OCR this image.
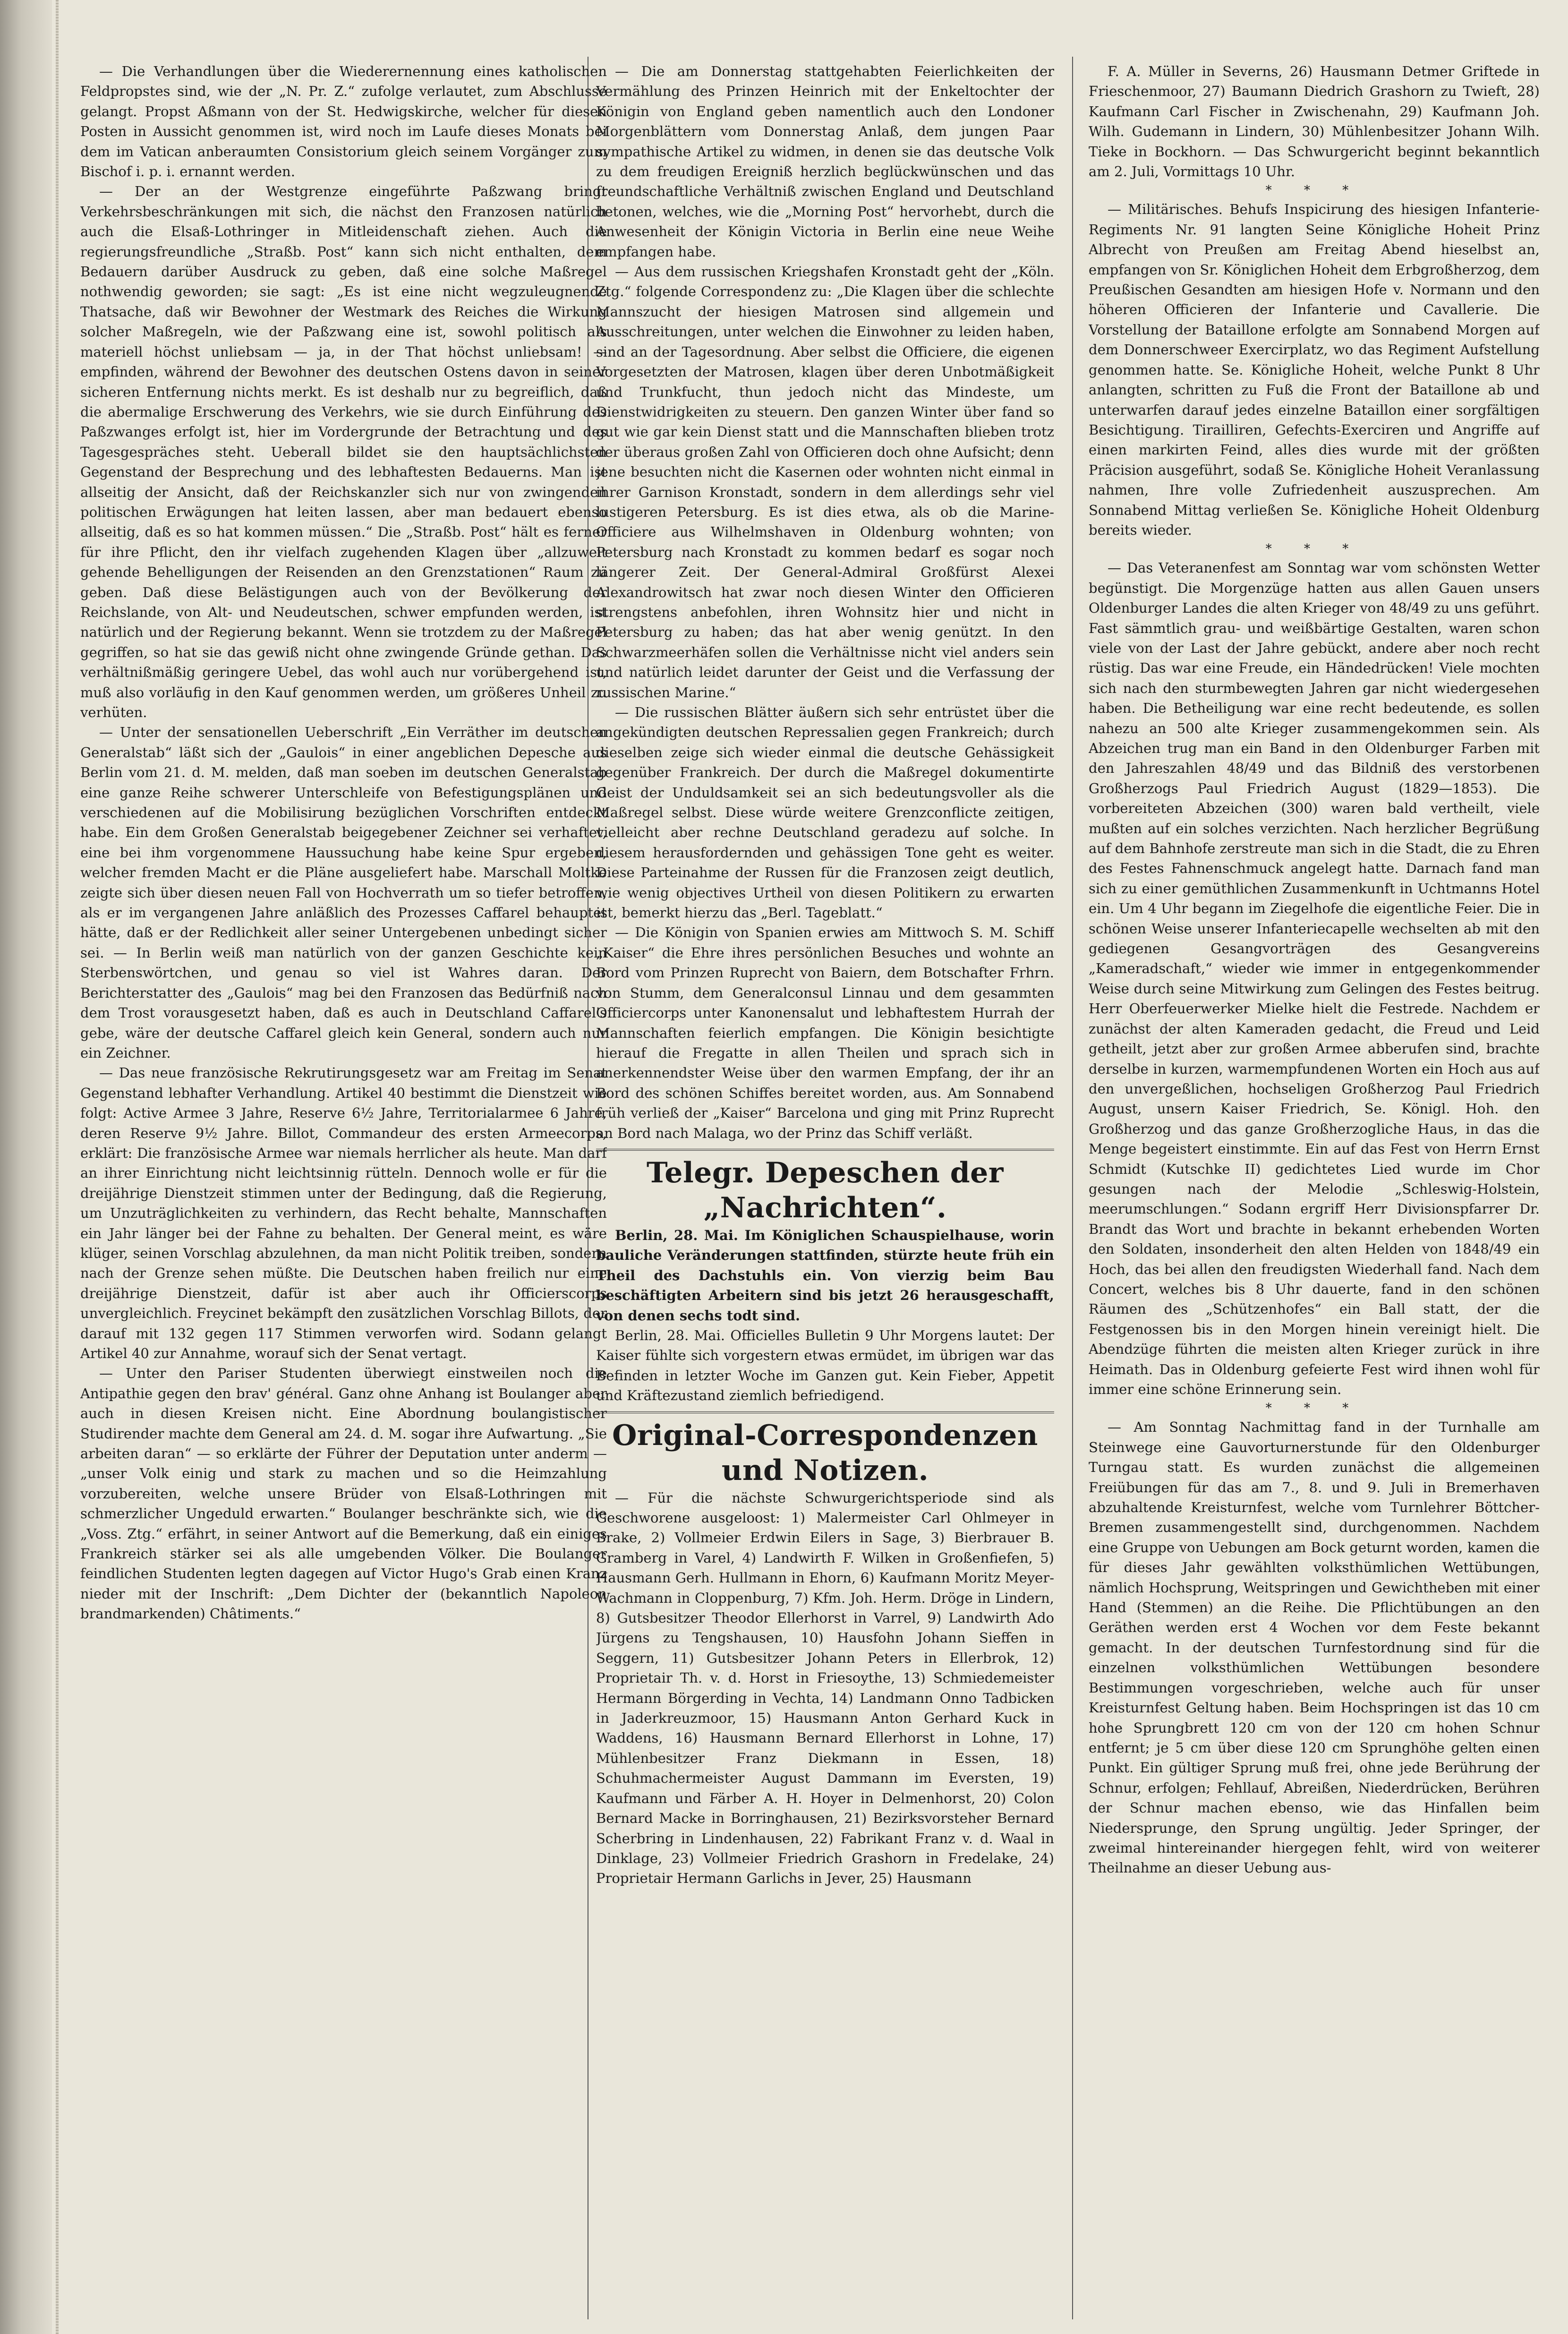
— Die Verhandlungen über die Wiederernennung eines katholischen Feldpropstes sind, wie der „N. Pr. Z.“ zufolge verlautet, zum Abschlusse gelangt. Propst Aßmann von der St. Hedwigskirche, welcher für diesen Posten in Aussicht genommen ist, wird noch im Laufe dieses Monats bei dem im Vatican anberaumten Consistorium gleich seinem Vorgänger zum Bischof i. p. i. ernannt werden.

— Der an der Westgrenze eingeführte Paßzwang bringt Verkehrsbeschränkungen mit sich, die nächst den Franzosen natürlich auch die Elsaß-Lothringer in Mitleidenschaft ziehen. Auch die regierungsfreundliche „Straßb. Post“ kann sich nicht enthalten, dem Bedauern darüber Ausdruck zu geben, daß eine solche Maßregel nothwendig geworden; sie sagt: „Es ist eine nicht wegzuleugnende Thatsache, daß wir Bewohner der Westmark des Reiches die Wirkung solcher Maßregeln, wie der Paßzwang eine ist, sowohl politisch als materiell höchst unliebsam — ja, in der That höchst unliebsam! — empfinden, während der Bewohner des deutschen Ostens davon in seiner sicheren Entfernung nichts merkt. Es ist deshalb nur zu begreiflich, daß die abermalige Erschwerung des Verkehrs, wie sie durch Einführung des Paßzwanges erfolgt ist, hier im Vordergrunde der Betrachtung und des Tagesgespräches steht. Ueberall bildet sie den hauptsächlichsten Gegenstand der Besprechung und des lebhaftesten Bedauerns. Man ist allseitig der Ansicht, daß der Reichskanzler sich nur von zwingenden politischen Erwägungen hat leiten lassen, aber man bedauert ebenso allseitig, daß es so hat kommen müssen.“ Die „Straßb. Post“ hält es ferner für ihre Pflicht, den ihr vielfach zugehenden Klagen über „allzuweit gehende Behelligungen der Reisenden an den Grenzstationen“ Raum zu geben. Daß diese Belästigungen auch von der Bevölkerung der Reichslande, von Alt- und Neudeutschen, schwer empfunden werden, ist natürlich und der Regierung bekannt. Wenn sie trotzdem zu der Maßregel gegriffen, so hat sie das gewiß nicht ohne zwingende Gründe gethan. Das verhältnißmäßig geringere Uebel, das wohl auch nur vorübergehend ist, muß also vorläufig in den Kauf genommen werden, um größeres Unheil zu verhüten.

— Unter der sensationellen Ueberschrift „Ein Verräther im deutschen Generalstab“ läßt sich der „Gaulois“ in einer angeblichen Depesche aus Berlin vom 21. d. M. melden, daß man soeben im deutschen Generalstab eine ganze Reihe schwerer Unterschleife von Befestigungsplänen und verschiedenen auf die Mobilisirung bezüglichen Vorschriften entdeckt habe. Ein dem Großen Generalstab beigegebener Zeichner sei verhaftet, eine bei ihm vorgenommene Haussuchung habe keine Spur ergeben, welcher fremden Macht er die Pläne ausgeliefert habe. Marschall Moltke zeigte sich über diesen neuen Fall von Hochverrath um so tiefer betroffen, als er im vergangenen Jahre anläßlich des Prozesses Caffarel behauptet hätte, daß er der Redlichkeit aller seiner Untergebenen unbedingt sicher sei. — In Berlin weiß man natürlich von der ganzen Geschichte kein Sterbenswörtchen, und genau so viel ist Wahres daran. Der Berichterstatter des „Gaulois“ mag bei den Franzosen das Bedürfniß nach dem Trost vorausgesetzt haben, daß es auch in Deutschland Caffarel's gebe, wäre der deutsche Caffarel gleich kein General, sondern auch nur ein Zeichner.

— Das neue französische Rekrutirungsgesetz war am Freitag im Senat Gegenstand lebhafter Verhandlung. Artikel 40 bestimmt die Dienstzeit wie folgt: Active Armee 3 Jahre, Reserve 6½ Jahre, Territorialarmee 6 Jahre, deren Reserve 9½ Jahre. Billot, Commandeur des ersten Armeecorps, erklärt: Die französische Armee war niemals herrlicher als heute. Man darf an ihrer Einrichtung nicht leichtsinnig rütteln. Dennoch wolle er für die dreijährige Dienstzeit stimmen unter der Bedingung, daß die Regierung, um Unzuträglichkeiten zu verhindern, das Recht behalte, Mannschaften ein Jahr länger bei der Fahne zu behalten. Der General meint, es wäre klüger, seinen Vorschlag abzulehnen, da man nicht Politik treiben, sondern nach der Grenze sehen müßte. Die Deutschen haben freilich nur eine dreijährige Dienstzeit, dafür ist aber auch ihr Officierscorps unvergleichlich. Freycinet bekämpft den zusätzlichen Vorschlag Billots, der darauf mit 132 gegen 117 Stimmen verworfen wird. Sodann gelangt Artikel 40 zur Annahme, worauf sich der Senat vertagt.

— Unter den Pariser Studenten überwiegt einstweilen noch die Antipathie gegen den brav' général. Ganz ohne Anhang ist Boulanger aber auch in diesen Kreisen nicht. Eine Abordnung boulangistischer Studirender machte dem General am 24. d. M. sogar ihre Aufwartung. „Sie arbeiten daran“ — so erklärte der Führer der Deputation unter anderm — „unser Volk einig und stark zu machen und so die Heimzahlung vorzubereiten, welche unsere Brüder von Elsaß-Lothringen mit schmerzlicher Ungeduld erwarten.“ Boulanger beschränkte sich, wie die „Voss. Ztg.“ erfährt, in seiner Antwort auf die Bemerkung, daß ein einiges Frankreich stärker sei als alle umgebenden Völker. Die Boulanger feindlichen Studenten legten dagegen auf Victor Hugo's Grab einen Kranz nieder mit der Inschrift: „Dem Dichter der (bekanntlich Napoleon brandmarkenden) Châtiments.“

— Die am Donnerstag stattgehabten Feierlichkeiten der Vermählung des Prinzen Heinrich mit der Enkeltochter der Königin von England geben namentlich auch den Londoner Morgenblättern vom Donnerstag Anlaß, dem jungen Paar sympathische Artikel zu widmen, in denen sie das deutsche Volk zu dem freudigen Ereigniß herzlich beglückwünschen und das freundschaftliche Verhältniß zwischen England und Deutschland betonen, welches, wie die „Morning Post“ hervorhebt, durch die Anwesenheit der Königin Victoria in Berlin eine neue Weihe empfangen habe.

— Aus dem russischen Kriegshafen Kronstadt geht der „Köln. Ztg.“ folgende Correspondenz zu: „Die Klagen über die schlechte Mannszucht der hiesigen Matrosen sind allgemein und Ausschreitungen, unter welchen die Einwohner zu leiden haben, sind an der Tagesordnung. Aber selbst die Officiere, die eigenen Vorgesetzten der Matrosen, klagen über deren Unbotmäßigkeit und Trunkfucht, thun jedoch nicht das Mindeste, um Dienstwidrigkeiten zu steuern. Den ganzen Winter über fand so gut wie gar kein Dienst statt und die Mannschaften blieben trotz der überaus großen Zahl von Officieren doch ohne Aufsicht; denn jene besuchten nicht die Kasernen oder wohnten nicht einmal in ihrer Garnison Kronstadt, sondern in dem allerdings sehr viel lustigeren Petersburg. Es ist dies etwa, als ob die Marine-Officiere aus Wilhelmshaven in Oldenburg wohnten; von Petersburg nach Kronstadt zu kommen bedarf es sogar noch längerer Zeit. Der General-Admiral Großfürst Alexei Alexandrowitsch hat zwar noch diesen Winter den Officieren strengstens anbefohlen, ihren Wohnsitz hier und nicht in Petersburg zu haben; das hat aber wenig genützt. In den Schwarzmeerhäfen sollen die Verhältnisse nicht viel anders sein und natürlich leidet darunter der Geist und die Verfassung der russischen Marine.“

— Die russischen Blätter äußern sich sehr entrüstet über die angekündigten deutschen Repressalien gegen Frankreich; durch dieselben zeige sich wieder einmal die deutsche Gehässigkeit gegenüber Frankreich. Der durch die Maßregel dokumentirte Geist der Unduldsamkeit sei an sich bedeutungsvoller als die Maßregel selbst. Diese würde weitere Grenzconflicte zeitigen, vielleicht aber rechne Deutschland geradezu auf solche. In diesem herausfordernden und gehässigen Tone geht es weiter. Diese Parteinahme der Russen für die Franzosen zeigt deutlich, wie wenig objectives Urtheil von diesen Politikern zu erwarten ist, bemerkt hierzu das „Berl. Tageblatt.“

— Die Königin von Spanien erwies am Mittwoch S. M. Schiff „Kaiser“ die Ehre ihres persönlichen Besuches und wohnte an Bord vom Prinzen Ruprecht von Baiern, dem Botschafter Frhrn. von Stumm, dem Generalconsul Linnau und dem gesammten Officiercorps unter Kanonensalut und lebhaftestem Hurrah der Mannschaften feierlich empfangen. Die Königin besichtigte hierauf die Fregatte in allen Theilen und sprach sich in anerkennendster Weise über den warmen Empfang, der ihr an Bord des schönen Schiffes bereitet worden, aus. Am Sonnabend früh verließ der „Kaiser“ Barcelona und ging mit Prinz Ruprecht an Bord nach Malaga, wo der Prinz das Schiff verläßt.

Telegr. Depeschen der „Nachrichten“.

Berlin, 28. Mai. Im Königlichen Schauspielhause, worin bauliche Veränderungen stattfinden, stürzte heute früh ein Theil des Dachstuhls ein. Von vierzig beim Bau beschäftigten Arbeitern sind bis jetzt 26 herausgeschafft, von denen sechs todt sind.

Berlin, 28. Mai. Officielles Bulletin 9 Uhr Morgens lautet: Der Kaiser fühlte sich vorgestern etwas ermüdet, im übrigen war das Befinden in letzter Woche im Ganzen gut. Kein Fieber, Appetit und Kräftezustand ziemlich befriedigend.

Original-Correspondenzen und Notizen.

— Für die nächste Schwurgerichtsperiode sind als Geschworene ausgeloost: 1) Malermeister Carl Ohlmeyer in Brake, 2) Vollmeier Erdwin Eilers in Sage, 3) Bierbrauer B. Gramberg in Varel, 4) Landwirth F. Wilken in Großenfiefen, 5) Hausmann Gerh. Hullmann in Ehorn, 6) Kaufmann Moritz Meyer-Wachmann in Cloppenburg, 7) Kfm. Joh. Herm. Dröge in Lindern, 8) Gutsbesitzer Theodor Ellerhorst in Varrel, 9) Landwirth Ado Jürgens zu Tengshausen, 10) Hausfohn Johann Sieffen in Seggern, 11) Gutsbesitzer Johann Peters in Ellerbrok, 12) Proprietair Th. v. d. Horst in Friesoythe, 13) Schmiedemeister Hermann Börgerding in Vechta, 14) Landmann Onno Tadbicken in Jaderkreuzmoor, 15) Hausmann Anton Gerhard Kuck in Waddens, 16) Hausmann Bernard Ellerhorst in Lohne, 17) Mühlenbesitzer Franz Diekmann in Essen, 18) Schuhmachermeister August Dammann im Eversten, 19) Kaufmann und Färber A. H. Hoyer in Delmenhorst, 20) Colon Bernard Macke in Borringhausen, 21) Bezirksvorsteher Bernard Scherbring in Lindenhausen, 22) Fabrikant Franz v. d. Waal in Dinklage, 23) Vollmeier Friedrich Grashorn in Fredelake, 24) Proprietair Hermann Garlichs in Jever, 25) Hausmann

F. A. Müller in Severns, 26) Hausmann Detmer Griftede in Frieschenmoor, 27) Baumann Diedrich Grashorn zu Twieft, 28) Kaufmann Carl Fischer in Zwischenahn, 29) Kaufmann Joh. Wilh. Gudemann in Lindern, 30) Mühlenbesitzer Johann Wilh. Tieke in Bockhorn. — Das Schwurgericht beginnt bekanntlich am 2. Juli, Vormittags 10 Uhr.

* * *

— Militärisches. Behufs Inspicirung des hiesigen Infanterie-Regiments Nr. 91 langten Seine Königliche Hoheit Prinz Albrecht von Preußen am Freitag Abend hieselbst an, empfangen von Sr. Königlichen Hoheit dem Erbgroßherzog, dem Preußischen Gesandten am hiesigen Hofe v. Normann und den höheren Officieren der Infanterie und Cavallerie. Die Vorstellung der Bataillone erfolgte am Sonnabend Morgen auf dem Donnerschweer Exercirplatz, wo das Regiment Aufstellung genommen hatte. Se. Königliche Hoheit, welche Punkt 8 Uhr anlangten, schritten zu Fuß die Front der Bataillone ab und unterwarfen darauf jedes einzelne Bataillon einer sorgfältigen Besichtigung. Tirailliren, Gefechts-Exerciren und Angriffe auf einen markirten Feind, alles dies wurde mit der größten Präcision ausgeführt, sodaß Se. Königliche Hoheit Veranlassung nahmen, Ihre volle Zufriedenheit auszusprechen. Am Sonnabend Mittag verließen Se. Königliche Hoheit Oldenburg bereits wieder.

* * *

— Das Veteranenfest am Sonntag war vom schönsten Wetter begünstigt. Die Morgenzüge hatten aus allen Gauen unsers Oldenburger Landes die alten Krieger von 48/49 zu uns geführt. Fast sämmtlich grau- und weißbärtige Gestalten, waren schon viele von der Last der Jahre gebückt, andere aber noch recht rüstig. Das war eine Freude, ein Händedrücken! Viele mochten sich nach den sturmbewegten Jahren gar nicht wiedergesehen haben. Die Betheiligung war eine recht bedeutende, es sollen nahezu an 500 alte Krieger zusammengekommen sein. Als Abzeichen trug man ein Band in den Oldenburger Farben mit den Jahreszahlen 48/49 und das Bildniß des verstorbenen Großherzogs Paul Friedrich August (1829—1853). Die vorbereiteten Abzeichen (300) waren bald vertheilt, viele mußten auf ein solches verzichten. Nach herzlicher Begrüßung auf dem Bahnhofe zerstreute man sich in die Stadt, die zu Ehren des Festes Fahnenschmuck angelegt hatte. Darnach fand man sich zu einer gemüthlichen Zusammenkunft in Uchtmanns Hotel ein. Um 4 Uhr begann im Ziegelhofe die eigentliche Feier. Die in schönen Weise unserer Infanteriecapelle wechselten ab mit den gediegenen Gesangvorträgen des Gesangvereins „Kameradschaft,“ wieder wie immer in entgegenkommender Weise durch seine Mitwirkung zum Gelingen des Festes beitrug. Herr Oberfeuerwerker Mielke hielt die Festrede. Nachdem er zunächst der alten Kameraden gedacht, die Freud und Leid getheilt, jetzt aber zur großen Armee abberufen sind, brachte derselbe in kurzen, warmempfundenen Worten ein Hoch aus auf den unvergeßlichen, hochseligen Großherzog Paul Friedrich August, unsern Kaiser Friedrich, Se. Königl. Hoh. den Großherzog und das ganze Großherzogliche Haus, in das die Menge begeistert einstimmte. Ein auf das Fest von Herrn Ernst Schmidt (Kutschke II) gedichtetes Lied wurde im Chor gesungen nach der Melodie „Schleswig-Holstein, meerumschlungen.“ Sodann ergriff Herr Divisionspfarrer Dr. Brandt das Wort und brachte in bekannt erhebenden Worten den Soldaten, insonderheit den alten Helden von 1848/49 ein Hoch, das bei allen den freudigsten Wiederhall fand. Nach dem Concert, welches bis 8 Uhr dauerte, fand in den schönen Räumen des „Schützenhofes“ ein Ball statt, der die Festgenossen bis in den Morgen hinein vereinigt hielt. Die Abendzüge führten die meisten alten Krieger zurück in ihre Heimath. Das in Oldenburg gefeierte Fest wird ihnen wohl für immer eine schöne Erinnerung sein.

* * *

— Am Sonntag Nachmittag fand in der Turnhalle am Steinwege eine Gauvorturnerstunde für den Oldenburger Turngau statt. Es wurden zunächst die allgemeinen Freiübungen für das am 7., 8. und 9. Juli in Bremerhaven abzuhaltende Kreisturnfest, welche vom Turnlehrer Böttcher-Bremen zusammengestellt sind, durchgenommen. Nachdem eine Gruppe von Uebungen am Bock geturnt worden, kamen die für dieses Jahr gewählten volksthümlichen Wettübungen, nämlich Hochsprung, Weitspringen und Gewichtheben mit einer Hand (Stemmen) an die Reihe. Die Pflichtübungen an den Geräthen werden erst 4 Wochen vor dem Feste bekannt gemacht. In der deutschen Turnfestordnung sind für die einzelnen volksthümlichen Wettübungen besondere Bestimmungen vorgeschrieben, welche auch für unser Kreisturnfest Geltung haben. Beim Hochspringen ist das 10 cm hohe Sprungbrett 120 cm von der 120 cm hohen Schnur entfernt; je 5 cm über diese 120 cm Sprunghöhe gelten einen Punkt. Ein gültiger Sprung muß frei, ohne jede Berührung der Schnur, erfolgen; Fehllauf, Abreißen, Niederdrücken, Berühren der Schnur machen ebenso, wie das Hinfallen beim Niedersprunge, den Sprung ungültig. Jeder Springer, der zweimal hintereinander hiergegen fehlt, wird von weiterer Theilnahme an dieser Uebung aus-
